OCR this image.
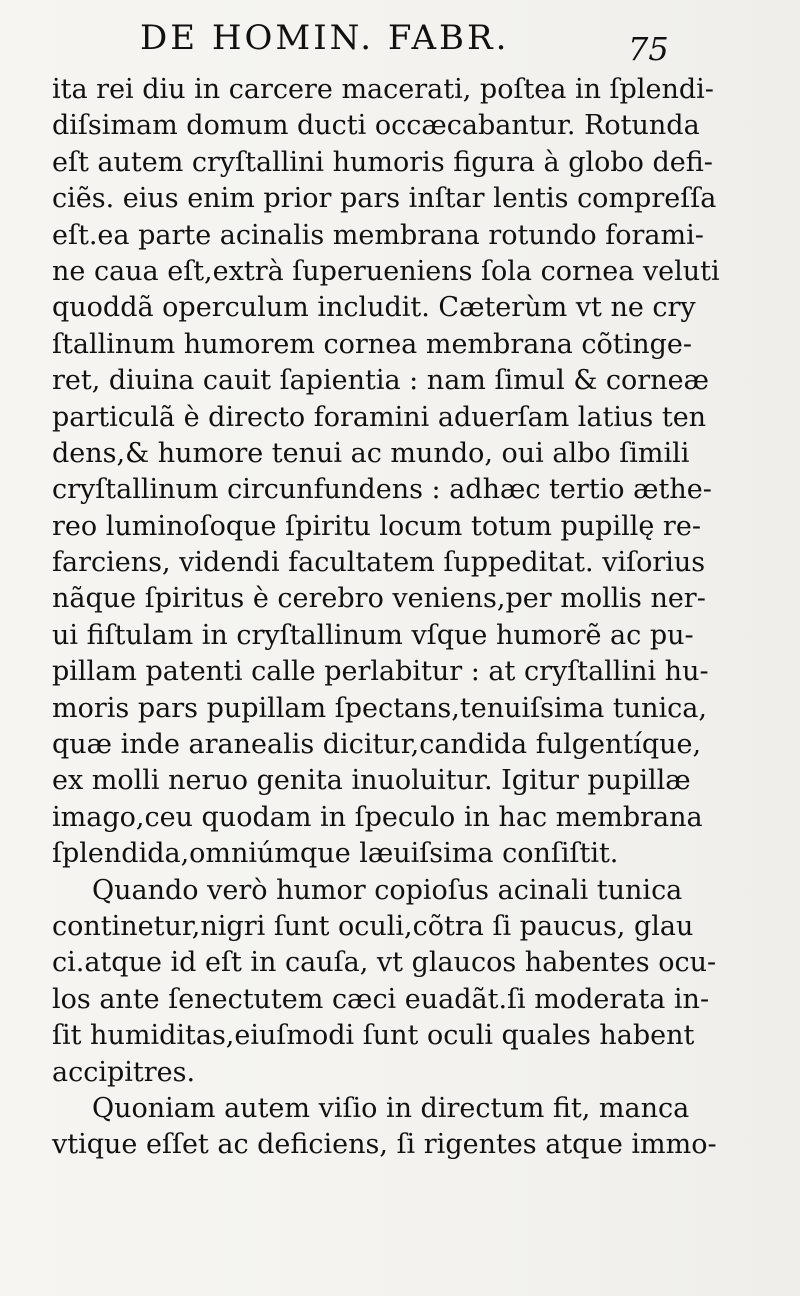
DE HOMIN. FABR.	75
ita rei diu in carcere macerati, poſtea in ſplendi-
diſsimam domum ducti occæcabantur. Rotunda
eſt autem cryſtallini humoris figura à globo defi-
ciẽs. eius enim prior pars inſtar lentis compreſſa
eſt.ea parte acinalis membrana rotundo forami-
ne caua eſt,extrà ſuperueniens ſola cornea veluti
quoddã operculum includit. Cæterùm vt ne cry
ſtallinum humorem cornea membrana cõtinge-
ret, diuina cauit ſapientia : nam ſimul & corneæ
particulã è directo foramini aduerſam latius ten
dens,& humore tenui ac mundo, oui albo ſimili
cryſtallinum circunfundens : adhæc tertio æthe-
reo luminoſoque ſpiritu locum totum pupillę re-
farciens, videndi facultatem ſuppeditat. viſorius
nãque ſpiritus è cerebro veniens,per mollis ner-
ui fiſtulam in cryſtallinum vſque humorẽ ac pu-
pillam patenti calle perlabitur : at cryſtallini hu-
moris pars pupillam ſpectans,tenuiſsima tunica,
quæ inde aranealis dicitur,candida fulgentíque,
ex molli neruo genita inuoluitur. Igitur pupillæ
imago,ceu quodam in ſpeculo in hac membrana
ſplendida,omniúmque læuiſsima conſiſtit.
Quando verò humor copioſus acinali tunica
continetur,nigri ſunt oculi,cõtra ſi paucus, glau
ci.atque id eſt in cauſa, vt glaucos habentes ocu-
los ante ſenectutem cæci euadãt.ſi moderata in-
ſit humiditas,eiuſmodi ſunt oculi quales habent
accipitres.
Quoniam autem viſio in directum fit, manca
vtique eſſet ac deficiens, ſi rigentes atque immo-
